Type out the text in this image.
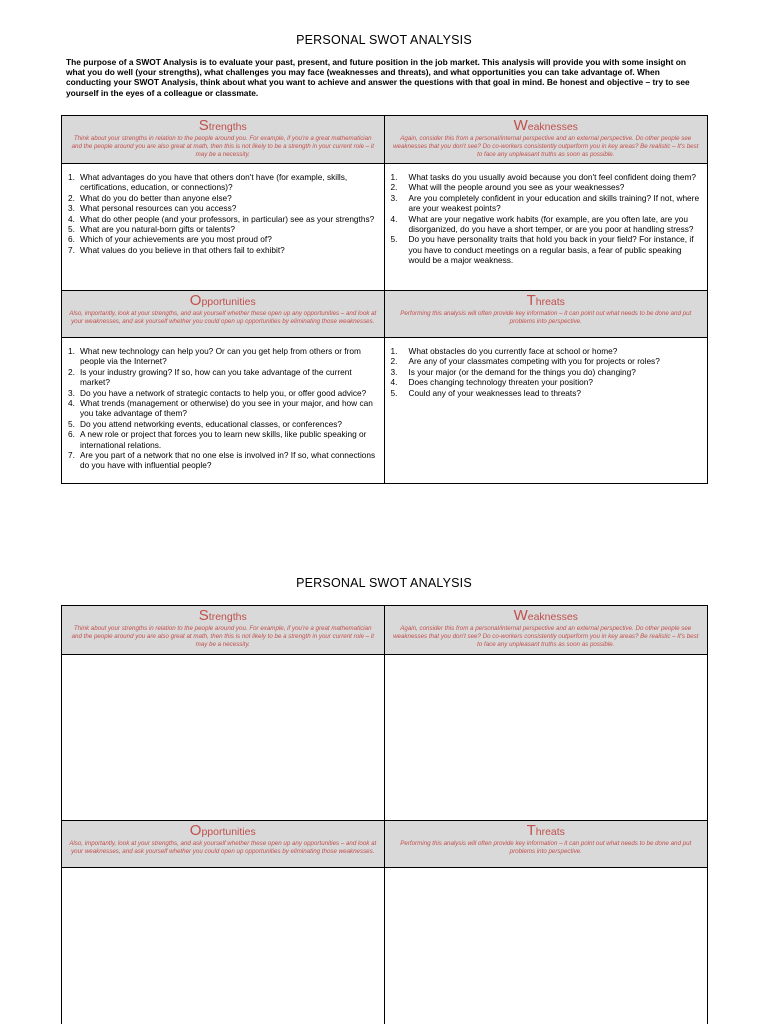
PERSONAL SWOT ANALYSIS
The purpose of a SWOT Analysis is to evaluate your past, present, and future position in the job market. This analysis will provide you with some insight on what you do well (your strengths), what challenges you may face (weaknesses and threats), and what opportunities you can take advantage of. When conducting your SWOT Analysis, think about what you want to achieve and answer the questions with that goal in mind. Be honest and objective – try to see yourself in the eyes of a colleague or classmate.
Strengths
Think about your strengths in relation to the people around you. For example, if you're a great mathematician and the people around you are also great at math, then this is not likely to be a strength in your current role – it may be a necessity.
Weaknesses
Again, consider this from a personal/internal perspective and an external perspective. Do other people see weaknesses that you don't see? Do co-workers consistently outperform you in key areas? Be realistic – It's best to face any unpleasant truths as soon as possible.
1. What advantages do you have that others don't have (for example, skills, certifications, education, or connections)?
2. What do you do better than anyone else?
3. What personal resources can you access?
4. What do other people (and your professors, in particular) see as your strengths?
5. What are you natural-born gifts or talents?
6. Which of your achievements are you most proud of?
7. What values do you believe in that others fail to exhibit?
1.	What tasks do you usually avoid because you don't feel confident doing them?
2.	What will the people around you see as your weaknesses?
3.	Are you completely confident in your education and skills training? If not, where are your weakest points?
4.	What are your negative work habits (for example, are you often late, are you disorganized, do you have a short temper, or are you poor at handling stress?
5.	Do you have personality traits that hold you back in your field? For instance, if you have to conduct meetings on a regular basis, a fear of public speaking would be a major weakness.
Opportunities
Also, importantly, look at your strengths, and ask yourself whether these open up any opportunities – and look at your weaknesses, and ask yourself whether you could open up opportunities by eliminating those weaknesses.
Threats
Performing this analysis will often provide key information – it can point out what needs to be done and put problems into perspective.
1. What new technology can help you? Or can you get help from others or from people via the Internet?
2. Is your industry growing? If so, how can you take advantage of the current market?
3. Do you have a network of strategic contacts to help you, or offer good advice?
4. What trends (management or otherwise) do you see in your major, and how can you take advantage of them?
5. Do you attend networking events, educational classes, or conferences?
6. A new role or project that forces you to learn new skills, like public speaking or international relations.
7. Are you part of a network that no one else is involved in? If so, what connections do you have with influential people?
1.	What obstacles do you currently face at school or home?
2.	Are any of your classmates competing with you for projects or roles?
3.	Is your major (or the demand for the things you do) changing?
4.	Does changing technology threaten your position?
5.	Could any of your weaknesses lead to threats?
PERSONAL SWOT ANALYSIS
Strengths
Think about your strengths in relation to the people around you. For example, if you're a great mathematician and the people around you are also great at math, then this is not likely to be a strength in your current role – it may be a necessity.
Weaknesses
Again, consider this from a personal/internal perspective and an external perspective. Do other people see weaknesses that you don't see? Do co-workers consistently outperform you in key areas? Be realistic – It's best to face any unpleasant truths as soon as possible.
Opportunities
Also, importantly, look at your strengths, and ask yourself whether these open up any opportunities – and look at your weaknesses, and ask yourself whether you could open up opportunities by eliminating those weaknesses.
Threats
Performing this analysis will often provide key information – it can point out what needs to be done and put problems into perspective.
